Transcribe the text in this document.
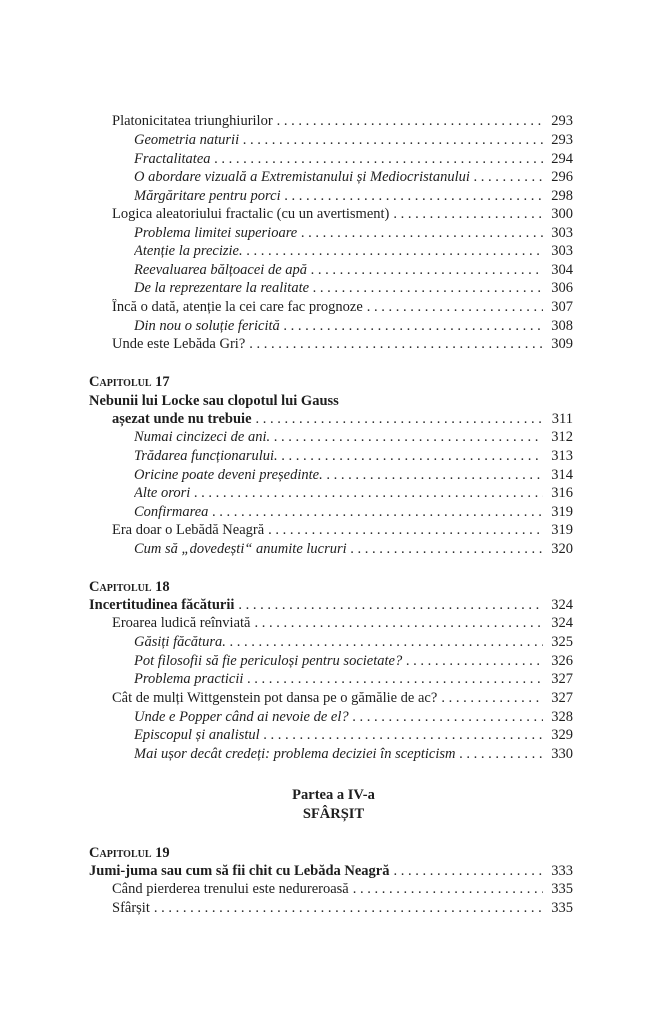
Platonicitatea triunghiurilor . . .	293
Geometria naturii . . .	293
Fractalitatea . . .	294
O abordare vizuală a Extremistanului și Mediocristanului . . .	296
Mărgăritare pentru porci . . .	298
Logica aleatoriului fractalic (cu un avertisment) . . .	300
Problema limitei superioare . . .	303
Atenție la precizie. . . .	303
Reevaluarea bălțoacei de apă . . .	304
De la reprezentare la realitate . . .	306
Încă o dată, atenție la cei care fac prognoze . . .	307
Din nou o soluție fericită . . .	308
Unde este Lebăda Gri? . . .	309
Capitolul 17
Nebunii lui Locke sau clopotul lui Gauss
așezat unde nu trebuie . . .	311
Numai cincizeci de ani. . . .	312
Trădarea funcționarului. . . .	313
Oricine poate deveni președinte. . . .	314
Alte orori . . .	316
Confirmarea . . .	319
Era doar o Lebădă Neagră . . .	319
Cum să „dovedești“ anumite lucruri . . .	320
Capitolul 18
Incertitudinea făcăturii . . .	324
Eroarea ludică reînviată . . .	324
Găsiți făcătura. . . .	325
Pot filosofii să fie periculoși pentru societate? . . .	326
Problema practicii . . .	327
Cât de mulți Wittgenstein pot dansa pe o gămălie de ac? . . .	327
Unde e Popper când ai nevoie de el? . . .	328
Episcopul și analistul . . .	329
Mai ușor decât credeți: problema deciziei în scepticism . . .	330
Partea a IV-a
SFÂRȘIT
Capitolul 19
Jumi-juma sau cum să fii chit cu Lebăda Neagră . . .	333
Când pierderea trenului este nedureroasă . . .	335
Sfârșit . . .	335
